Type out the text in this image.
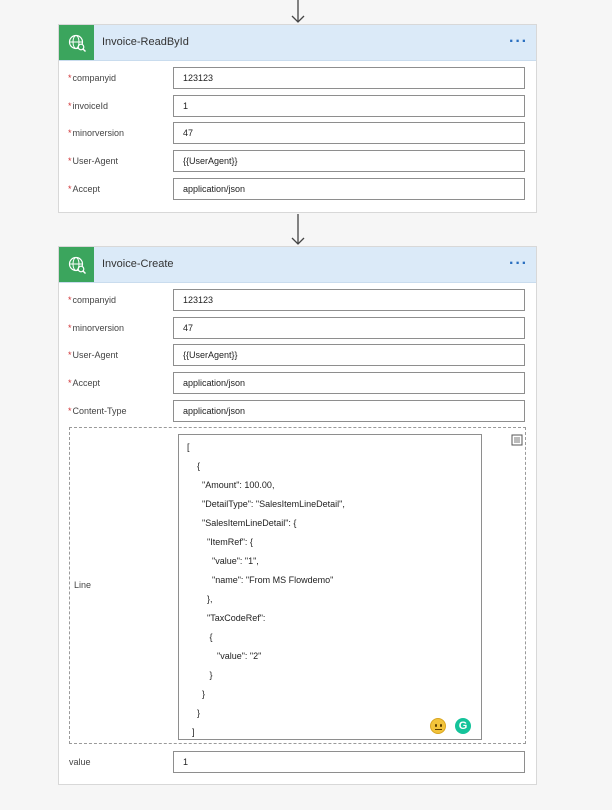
Invoice-ReadById	···
*companyid	123123
*invoiceId	1
*minorversion	47
*User-Agent	{{UserAgent}}
*Accept	application/json
Invoice-Create	···
*companyid	123123
*minorversion	47
*User-Agent	{{UserAgent}}
*Accept	application/json
*Content-Type	application/json
Line
[
{
"Amount": 100.00,
"DetailType": "SalesItemLineDetail",
"SalesItemLineDetail": {
"ItemRef": {
"value": "1",
"name": "From MS Flowdemo"
},
"TaxCodeRef":
{
"value": "2"
}
}
}
]	G
value	1
